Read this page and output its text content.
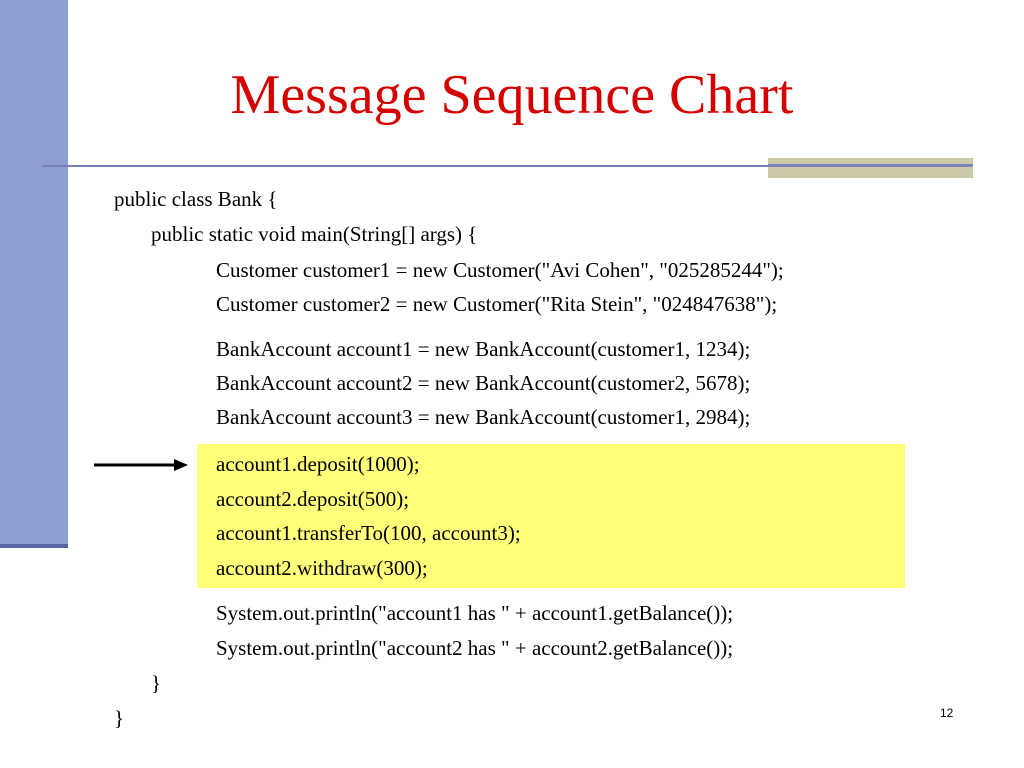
Message Sequence Chart
public class Bank {
public static void main(String[] args) {
Customer customer1 = new Customer("Avi Cohen", "025285244");
Customer customer2 = new Customer("Rita Stein", "024847638");
BankAccount account1 = new BankAccount(customer1, 1234);
BankAccount account2 = new BankAccount(customer2, 5678);
BankAccount account3 = new BankAccount(customer1, 2984);
account1.deposit(1000);
account2.deposit(500);
account1.transferTo(100, account3);
account2.withdraw(300);
System.out.println("account1 has " + account1.getBalance());
System.out.println("account2 has " + account2.getBalance());
}
}	12
